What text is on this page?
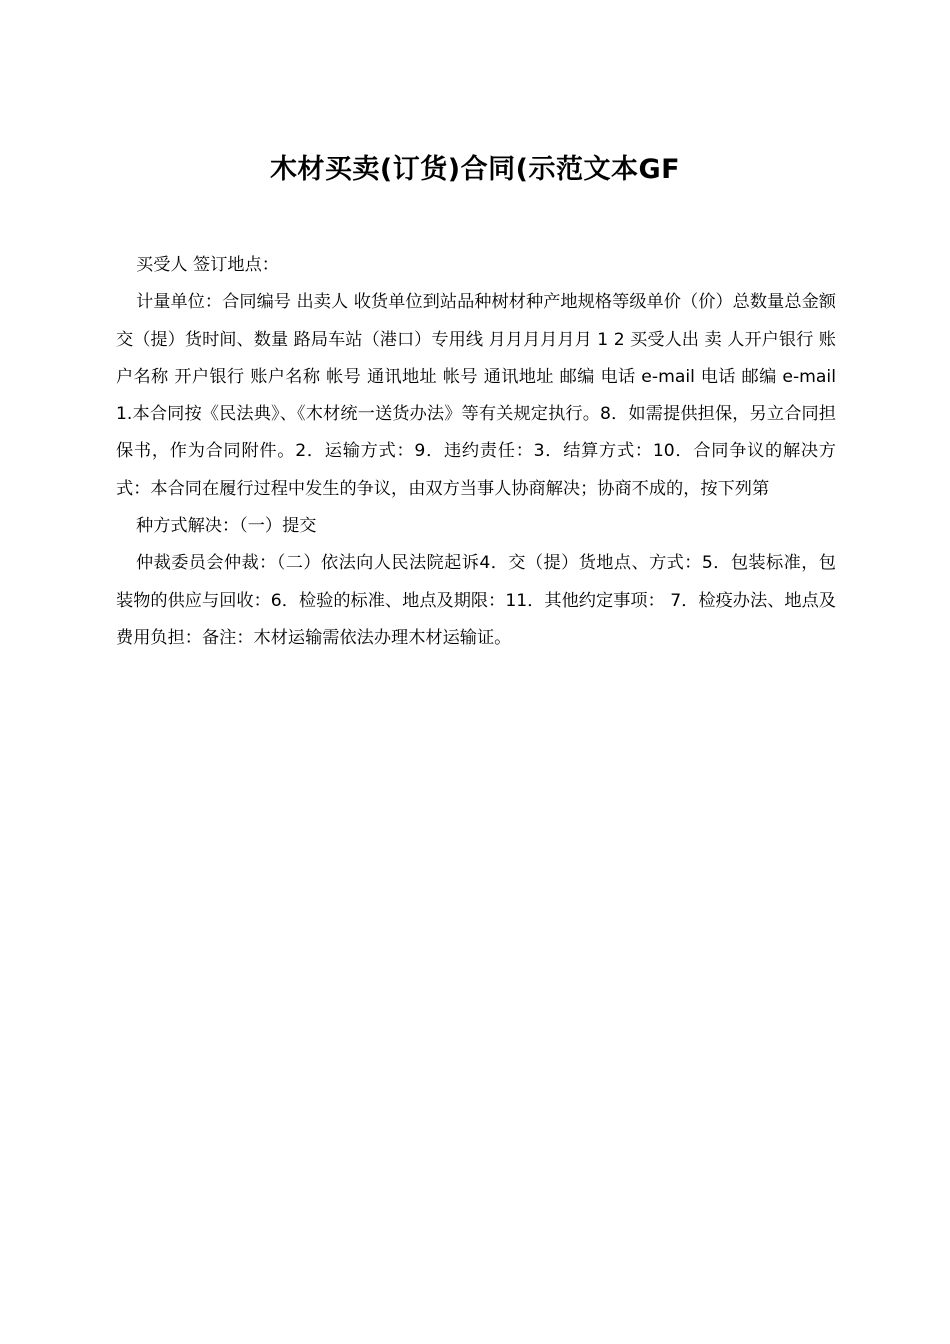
木材买卖(订货)合同(示范文本GF

买受人 签订地点：

计量单位：合同编号 出卖人 收货单位到站品种树材种产地规格等级单价（价）总数量总金额交（提）货时间、数量 路局车站（港口）专用线 月月月月月月 1 2 买受人出 卖 人开户银行 账户名称 开户银行 账户名称 帐号 通讯地址 帐号 通讯地址 邮编 电话 e-mail 电话 邮编 e-mail 1.本合同按《民法典》、《木材统一送货办法》等有关规定执行。8．如需提供担保，另立合同担保书，作为合同附件。2．运输方式：9．违约责任：3．结算方式：10．合同争议的解决方式：本合同在履行过程中发生的争议，由双方当事人协商解决；协商不成的，按下列第

种方式解决：（一）提交

仲裁委员会仲裁：（二）依法向人民法院起诉4．交（提）货地点、方式：5．包装标准，包装物的供应与回收：6．检验的标准、地点及期限：11．其他约定事项： 7．检疫办法、地点及费用负担：备注：木材运输需依法办理木材运输证。
